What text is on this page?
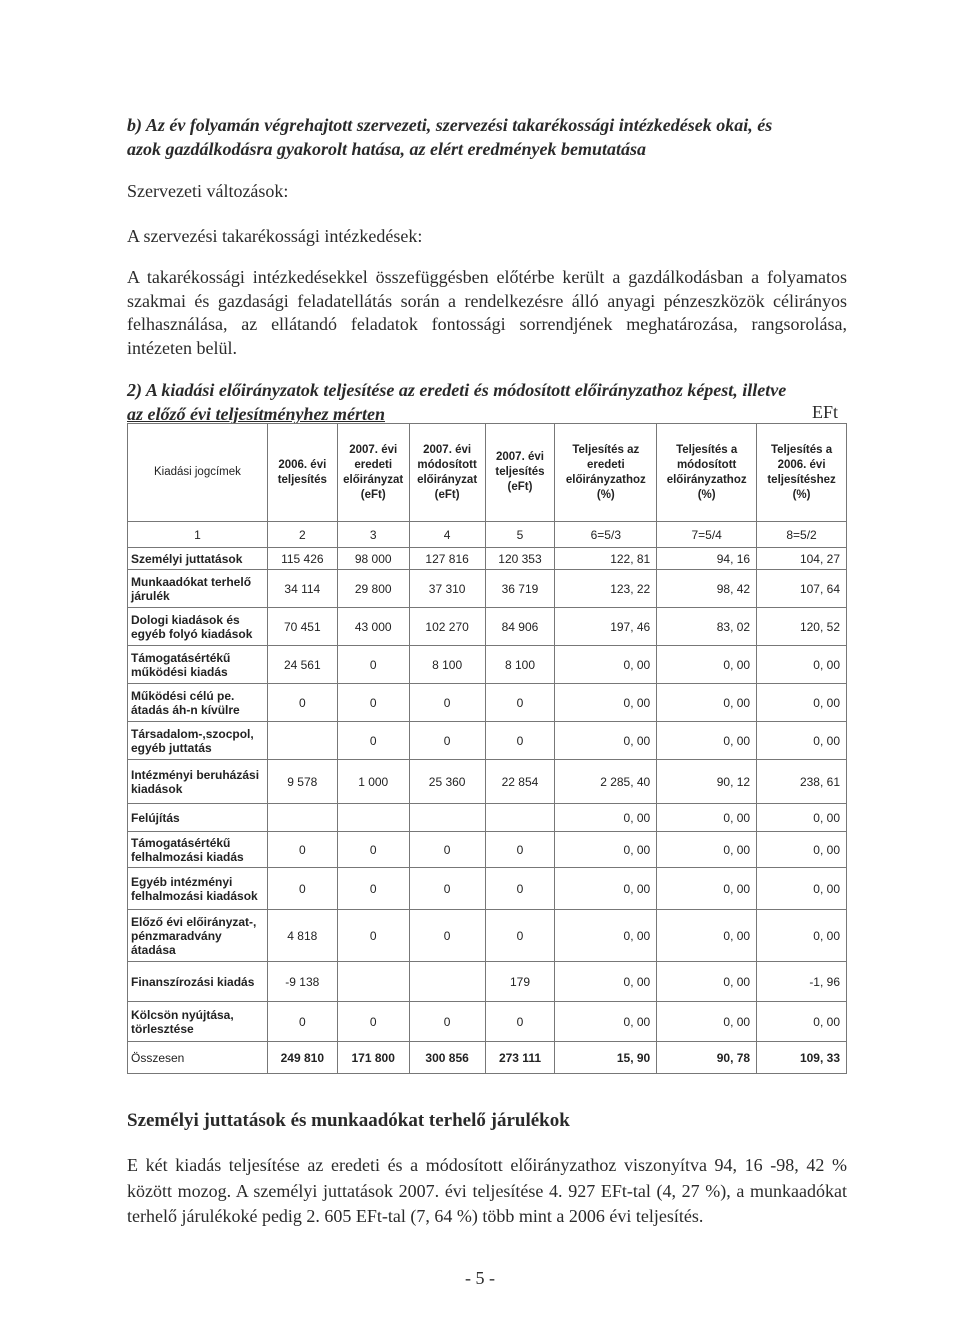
b) Az év folyamán végrehajtott szervezeti, szervezési takarékossági intézkedések okai, és
azok gazdálkodásra gyakorolt hatása, az elért eredmények bemutatása
Szervezeti változások:
A szervezési takarékossági intézkedések:
A takarékossági intézkedésekkel összefüggésben előtérbe került a gazdálkodásban a folyamatos szakmai és gazdasági feladatellátás során a rendelkezésre álló anyagi pénzeszközök célirányos felhasználása, az ellátandó feladatok fontossági sorrendjének meghatározása, rangsorolása, intézeten belül.
2) A kiadási előirányzatok teljesítése az eredeti és módosított előirányzathoz képest, illetve
az előző évi teljesítményhez mérten	EFt
Kiadási jogcímek	2006. évi teljesítés	2007. évi eredeti előirányzat (eFt)	2007. évi módosított előirányzat (eFt)	2007. évi teljesítés (eFt)	Teljesítés az eredeti előirányzathoz (%)	Teljesítés a módosított előirányzathoz (%)	Teljesítés a 2006. évi teljesítéshez (%)
1	2	3	4	5	6=5/3	7=5/4	8=5/2
Személyi juttatások	115 426	98 000	127 816	120 353	122, 81	94, 16	104, 27
Munkaadókat terhelő járulék	34 114	29 800	37 310	36 719	123, 22	98, 42	107, 64
Dologi kiadások és egyéb folyó kiadások	70 451	43 000	102 270	84 906	197, 46	83, 02	120, 52
Támogatásértékű működési kiadás	24 561	0	8 100	8 100	0, 00	0, 00	0, 00
Működési célú pe. átadás áh-n kívülre	0	0	0	0	0, 00	0, 00	0, 00
Társadalom-,szocpol, egyéb juttatás		0	0	0	0, 00	0, 00	0, 00
Intézményi beruházási kiadások	9 578	1 000	25 360	22 854	2 285, 40	90, 12	238, 61
Felújítás					0, 00	0, 00	0, 00
Támogatásértékű felhalmozási kiadás	0	0	0	0	0, 00	0, 00	0, 00
Egyéb intézményi felhalmozási kiadások	0	0	0	0	0, 00	0, 00	0, 00
Előző évi előirányzat-, pénzmaradvány átadása	4 818	0	0	0	0, 00	0, 00	0, 00
Finanszírozási kiadás	-9 138			179	0, 00	0, 00	-1, 96
Kölcsön nyújtása, törlesztése	0	0	0	0	0, 00	0, 00	0, 00
Összesen	249 810	171 800	300 856	273 111	15, 90	90, 78	109, 33
Személyi juttatások és munkaadókat terhelő járulékok
E két kiadás teljesítése az eredeti és a módosított előirányzathoz viszonyítva 94, 16 -98, 42 % között mozog. A személyi juttatások 2007. évi teljesítése 4. 927 EFt-tal (4, 27 %), a munkaadókat terhelő járulékoké pedig 2. 605 EFt-tal (7, 64 %) több mint a 2006 évi teljesítés.
- 5 -
